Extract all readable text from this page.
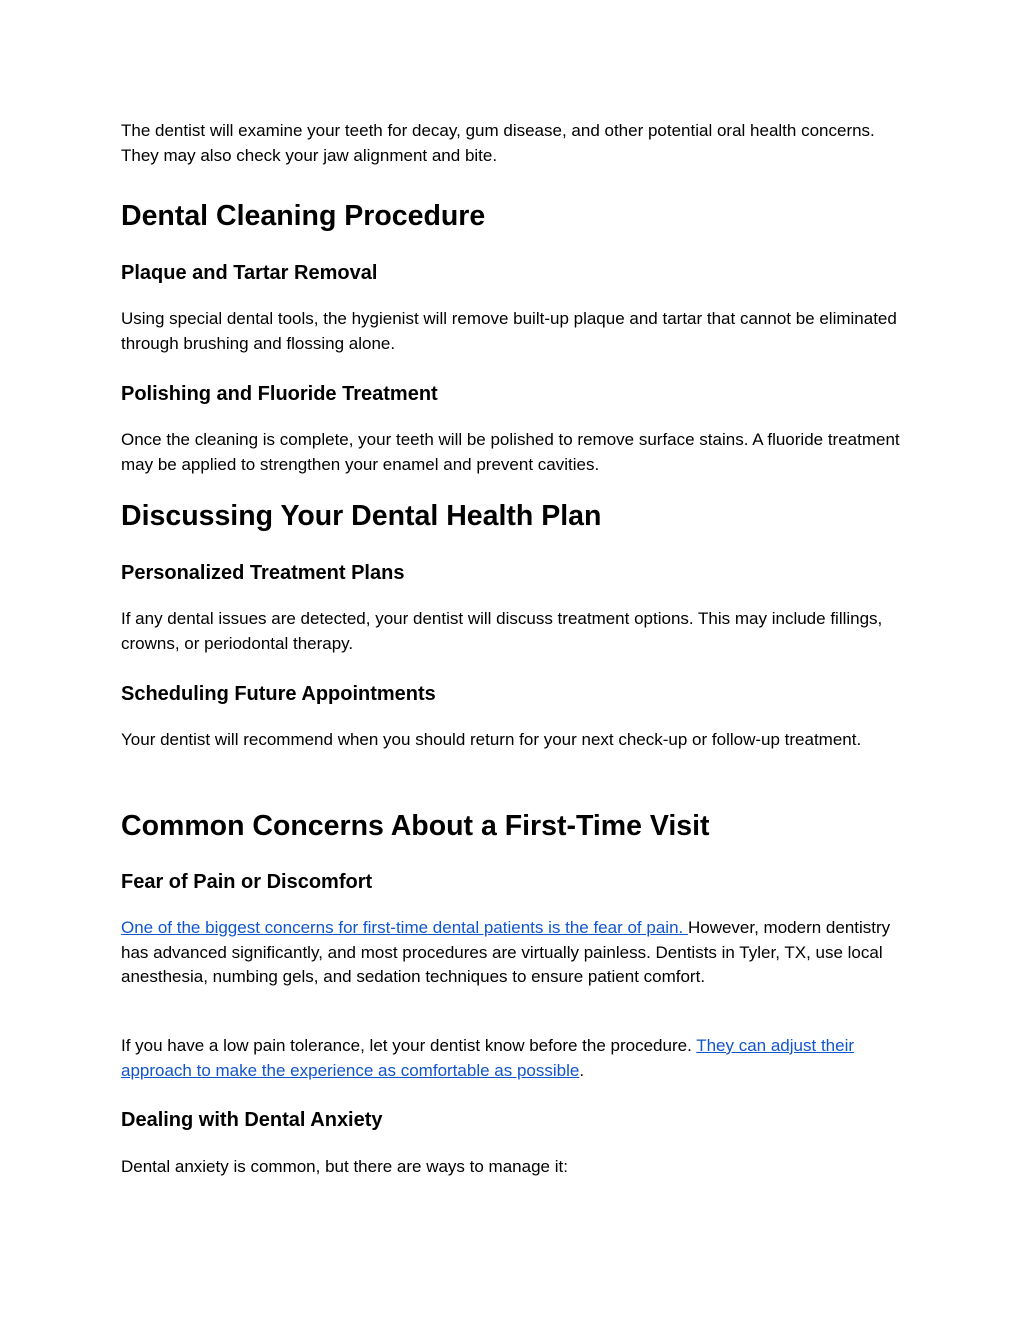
The dentist will examine your teeth for decay, gum disease, and other potential oral health concerns. They may also check your jaw alignment and bite.

Dental Cleaning Procedure
Plaque and Tartar Removal

Using special dental tools, the hygienist will remove built-up plaque and tartar that cannot be eliminated through brushing and flossing alone.

Polishing and Fluoride Treatment

Once the cleaning is complete, your teeth will be polished to remove surface stains. A fluoride treatment may be applied to strengthen your enamel and prevent cavities.

Discussing Your Dental Health Plan
Personalized Treatment Plans

If any dental issues are detected, your dentist will discuss treatment options. This may include fillings, crowns, or periodontal therapy.

Scheduling Future Appointments

Your dentist will recommend when you should return for your next check-up or follow-up treatment.

Common Concerns About a First-Time Visit
Fear of Pain or Discomfort

One of the biggest concerns for first-time dental patients is the fear of pain. However, modern dentistry has advanced significantly, and most procedures are virtually painless. Dentists in Tyler, TX, use local anesthesia, numbing gels, and sedation techniques to ensure patient comfort.

If you have a low pain tolerance, let your dentist know before the procedure. They can adjust their approach to make the experience as comfortable as possible.

Dealing with Dental Anxiety

Dental anxiety is common, but there are ways to manage it:
